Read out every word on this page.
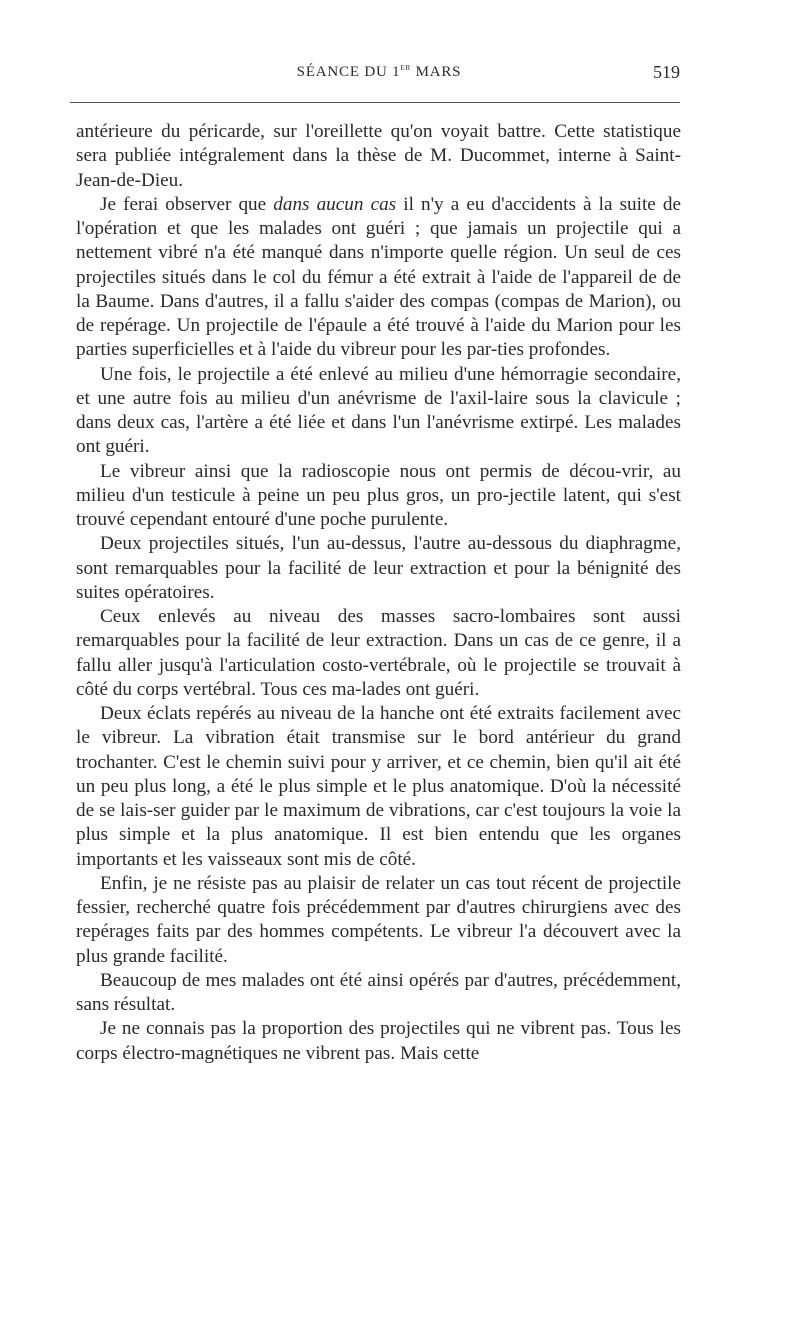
SÉANCE DU 1er MARS	519

antérieure du péricarde, sur l'oreillette qu'on voyait battre. Cette statistique sera publiée intégralement dans la thèse de M. Ducommet, interne à Saint-Jean-de-Dieu.

Je ferai observer que dans aucun cas il n'y a eu d'accidents à la suite de l'opération et que les malades ont guéri ; que jamais un projectile qui a nettement vibré n'a été manqué dans n'importe quelle région. Un seul de ces projectiles situés dans le col du fémur a été extrait à l'aide de l'appareil de de la Baume. Dans d'autres, il a fallu s'aider des compas (compas de Marion), ou de repérage. Un projectile de l'épaule a été trouvé à l'aide du Marion pour les parties superficielles et à l'aide du vibreur pour les par-ties profondes.

Une fois, le projectile a été enlevé au milieu d'une hémorragie secondaire, et une autre fois au milieu d'un anévrisme de l'axil-laire sous la clavicule ; dans deux cas, l'artère a été liée et dans l'un l'anévrisme extirpé. Les malades ont guéri.

Le vibreur ainsi que la radioscopie nous ont permis de décou-vrir, au milieu d'un testicule à peine un peu plus gros, un pro-jectile latent, qui s'est trouvé cependant entouré d'une poche purulente.

Deux projectiles situés, l'un au-dessus, l'autre au-dessous du diaphragme, sont remarquables pour la facilité de leur extraction et pour la bénignité des suites opératoires.

Ceux enlevés au niveau des masses sacro-lombaires sont aussi remarquables pour la facilité de leur extraction. Dans un cas de ce genre, il a fallu aller jusqu'à l'articulation costo-vertébrale, où le projectile se trouvait à côté du corps vertébral. Tous ces ma-lades ont guéri.

Deux éclats repérés au niveau de la hanche ont été extraits facilement avec le vibreur. La vibration était transmise sur le bord antérieur du grand trochanter. C'est le chemin suivi pour y arriver, et ce chemin, bien qu'il ait été un peu plus long, a été le plus simple et le plus anatomique. D'où la nécessité de se lais-ser guider par le maximum de vibrations, car c'est toujours la voie la plus simple et la plus anatomique. Il est bien entendu que les organes importants et les vaisseaux sont mis de côté.

Enfin, je ne résiste pas au plaisir de relater un cas tout récent de projectile fessier, recherché quatre fois précédemment par d'autres chirurgiens avec des repérages faits par des hommes compétents. Le vibreur l'a découvert avec la plus grande facilité.

Beaucoup de mes malades ont été ainsi opérés par d'autres, précédemment, sans résultat.

Je ne connais pas la proportion des projectiles qui ne vibrent pas. Tous les corps électro-magnétiques ne vibrent pas. Mais cette
